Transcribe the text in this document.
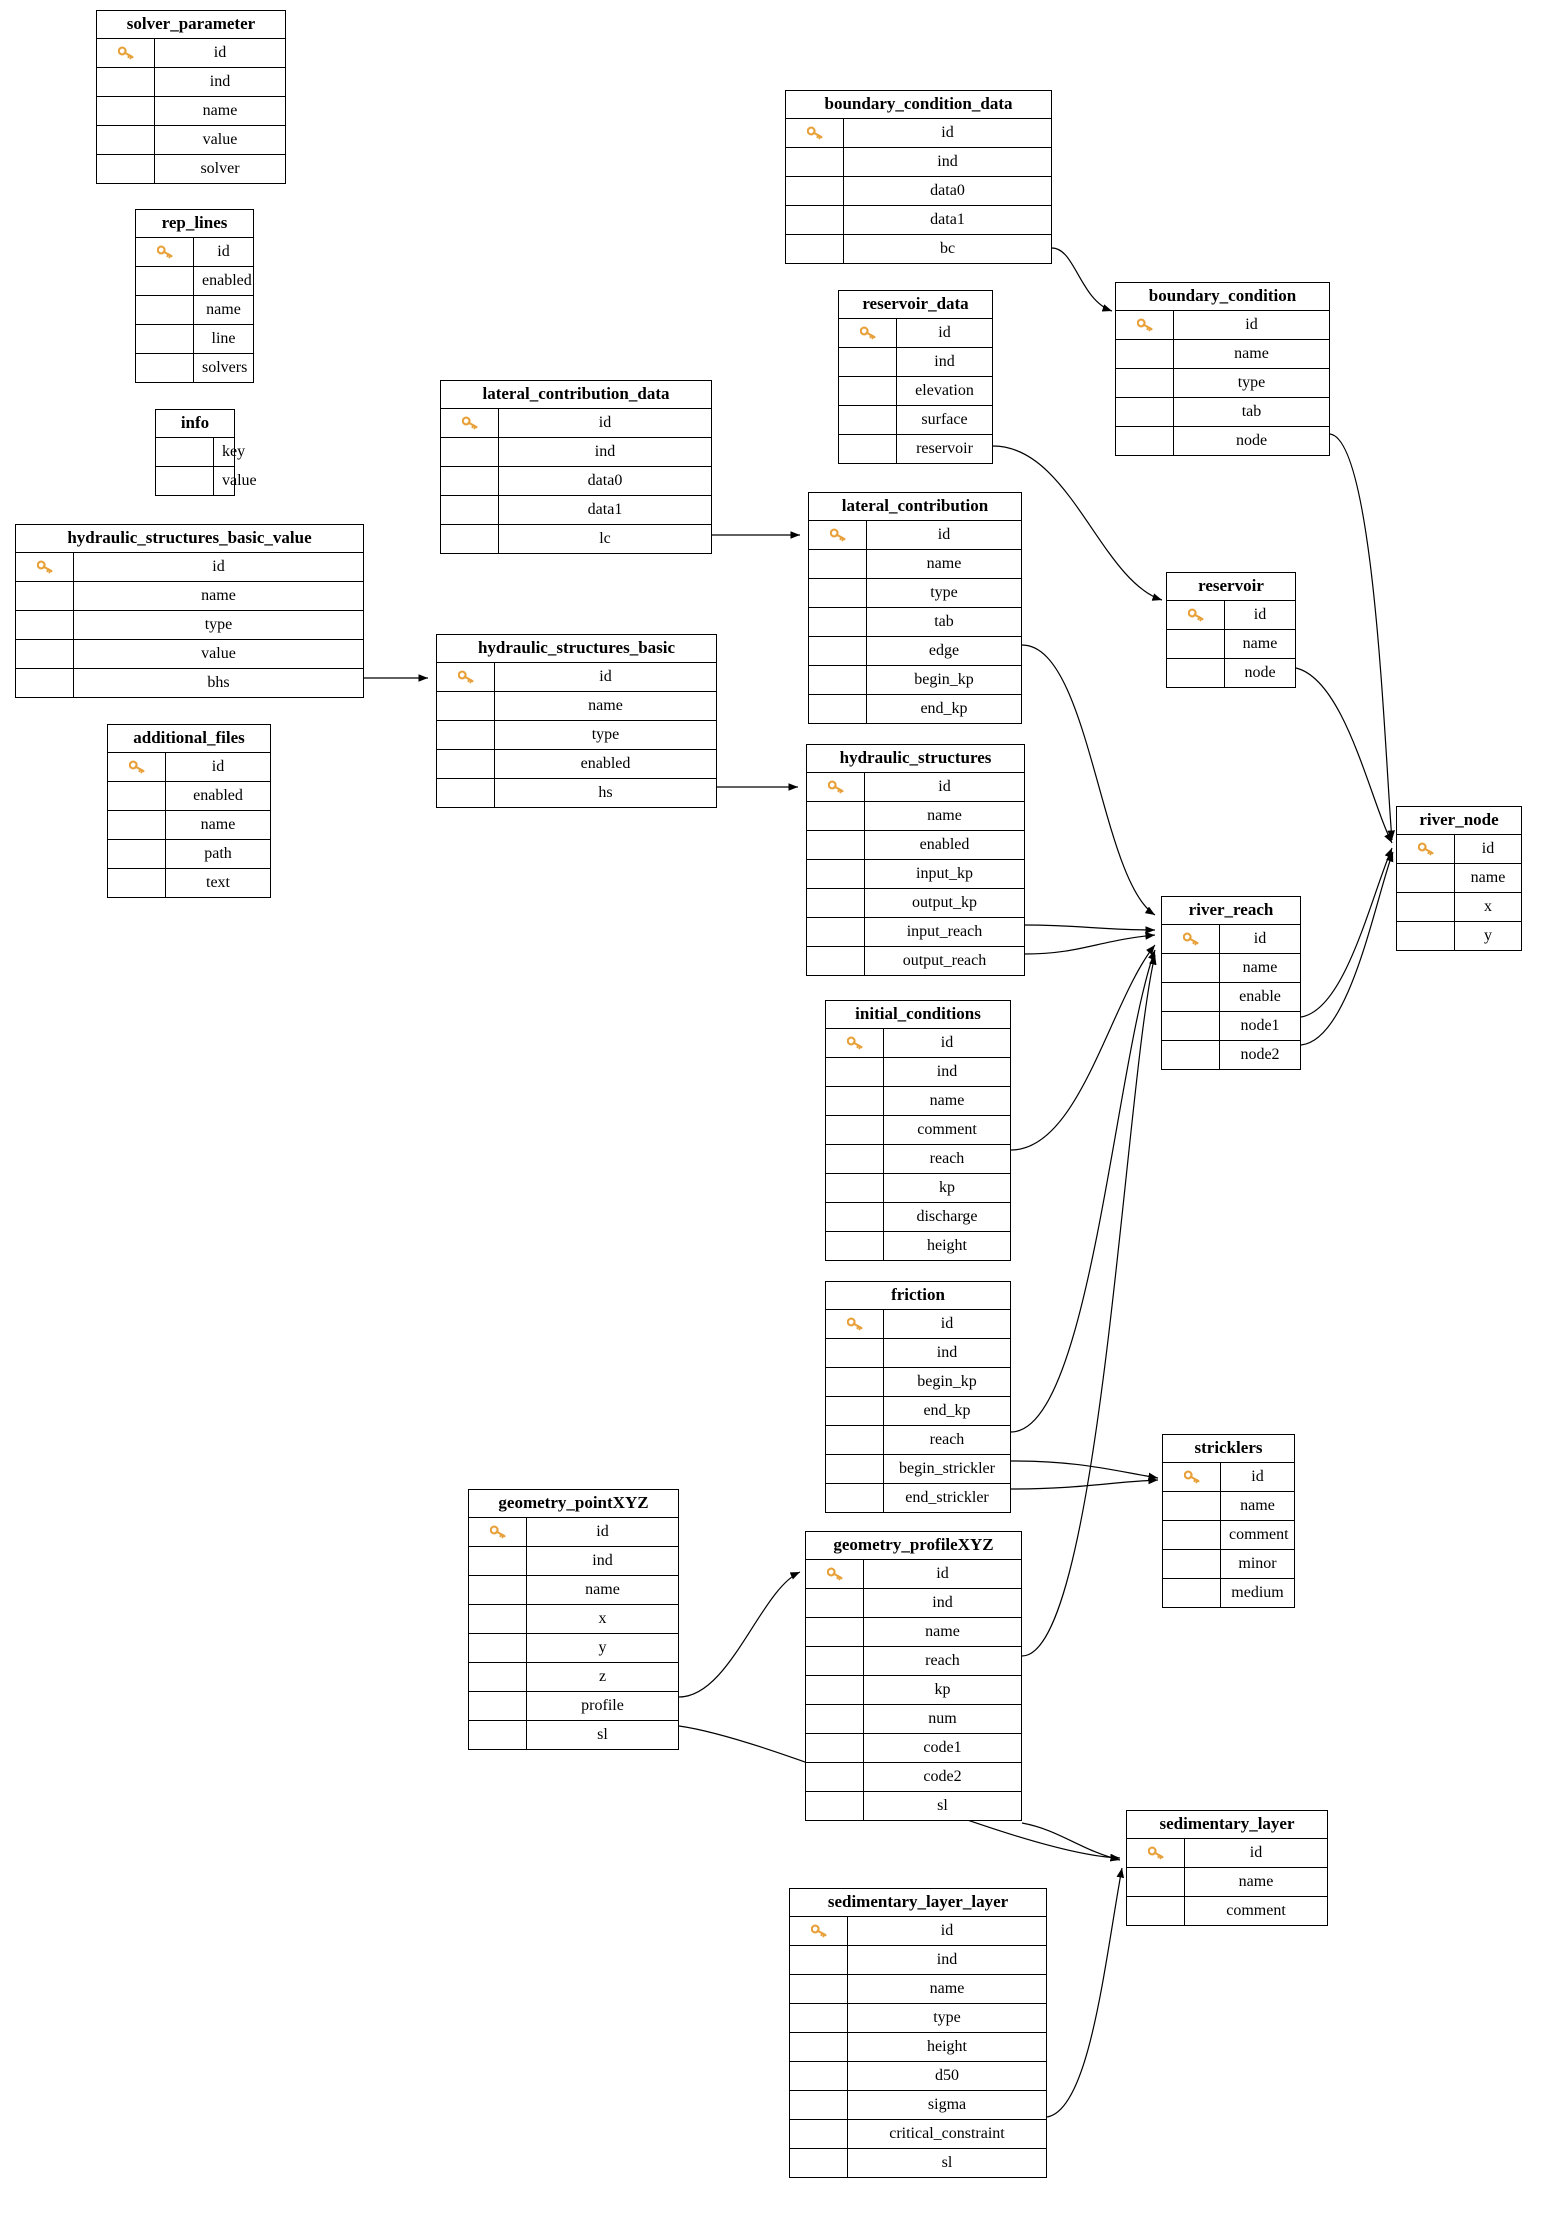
solver_parameter
id
ind
name
value
solver
rep_lines
id
enabled
name
line
solvers
info
key
value
hydraulic_structures_basic_value
id
name
type
value
bhs
additional_files
id
enabled
name
path
text
lateral_contribution_data
id
ind
data0
data1
lc
hydraulic_structures_basic
id
name
type
enabled
hs
boundary_condition_data
id
ind
data0
data1
bc
reservoir_data
id
ind
elevation
surface
reservoir
lateral_contribution
id
name
type
tab
edge
begin_kp
end_kp
hydraulic_structures
id
name
enabled
input_kp
output_kp
input_reach
output_reach
initial_conditions
id
ind
name
comment
reach
kp
discharge
height
friction
id
ind
begin_kp
end_kp
reach
begin_strickler
end_strickler
geometry_pointXYZ
id
ind
name
x
y
z
profile
sl
geometry_profileXYZ
id
ind
name
reach
kp
num
code1
code2
sl
sedimentary_layer_layer
id
ind
name
type
height
d50
sigma
critical_constraint
sl
boundary_condition
id
name
type
tab
node
reservoir
id
name
node
river_reach
id
name
enable
node1
node2
river_node
id
name
x
y
stricklers
id
name
comment
minor
medium
sedimentary_layer
id
name
comment
